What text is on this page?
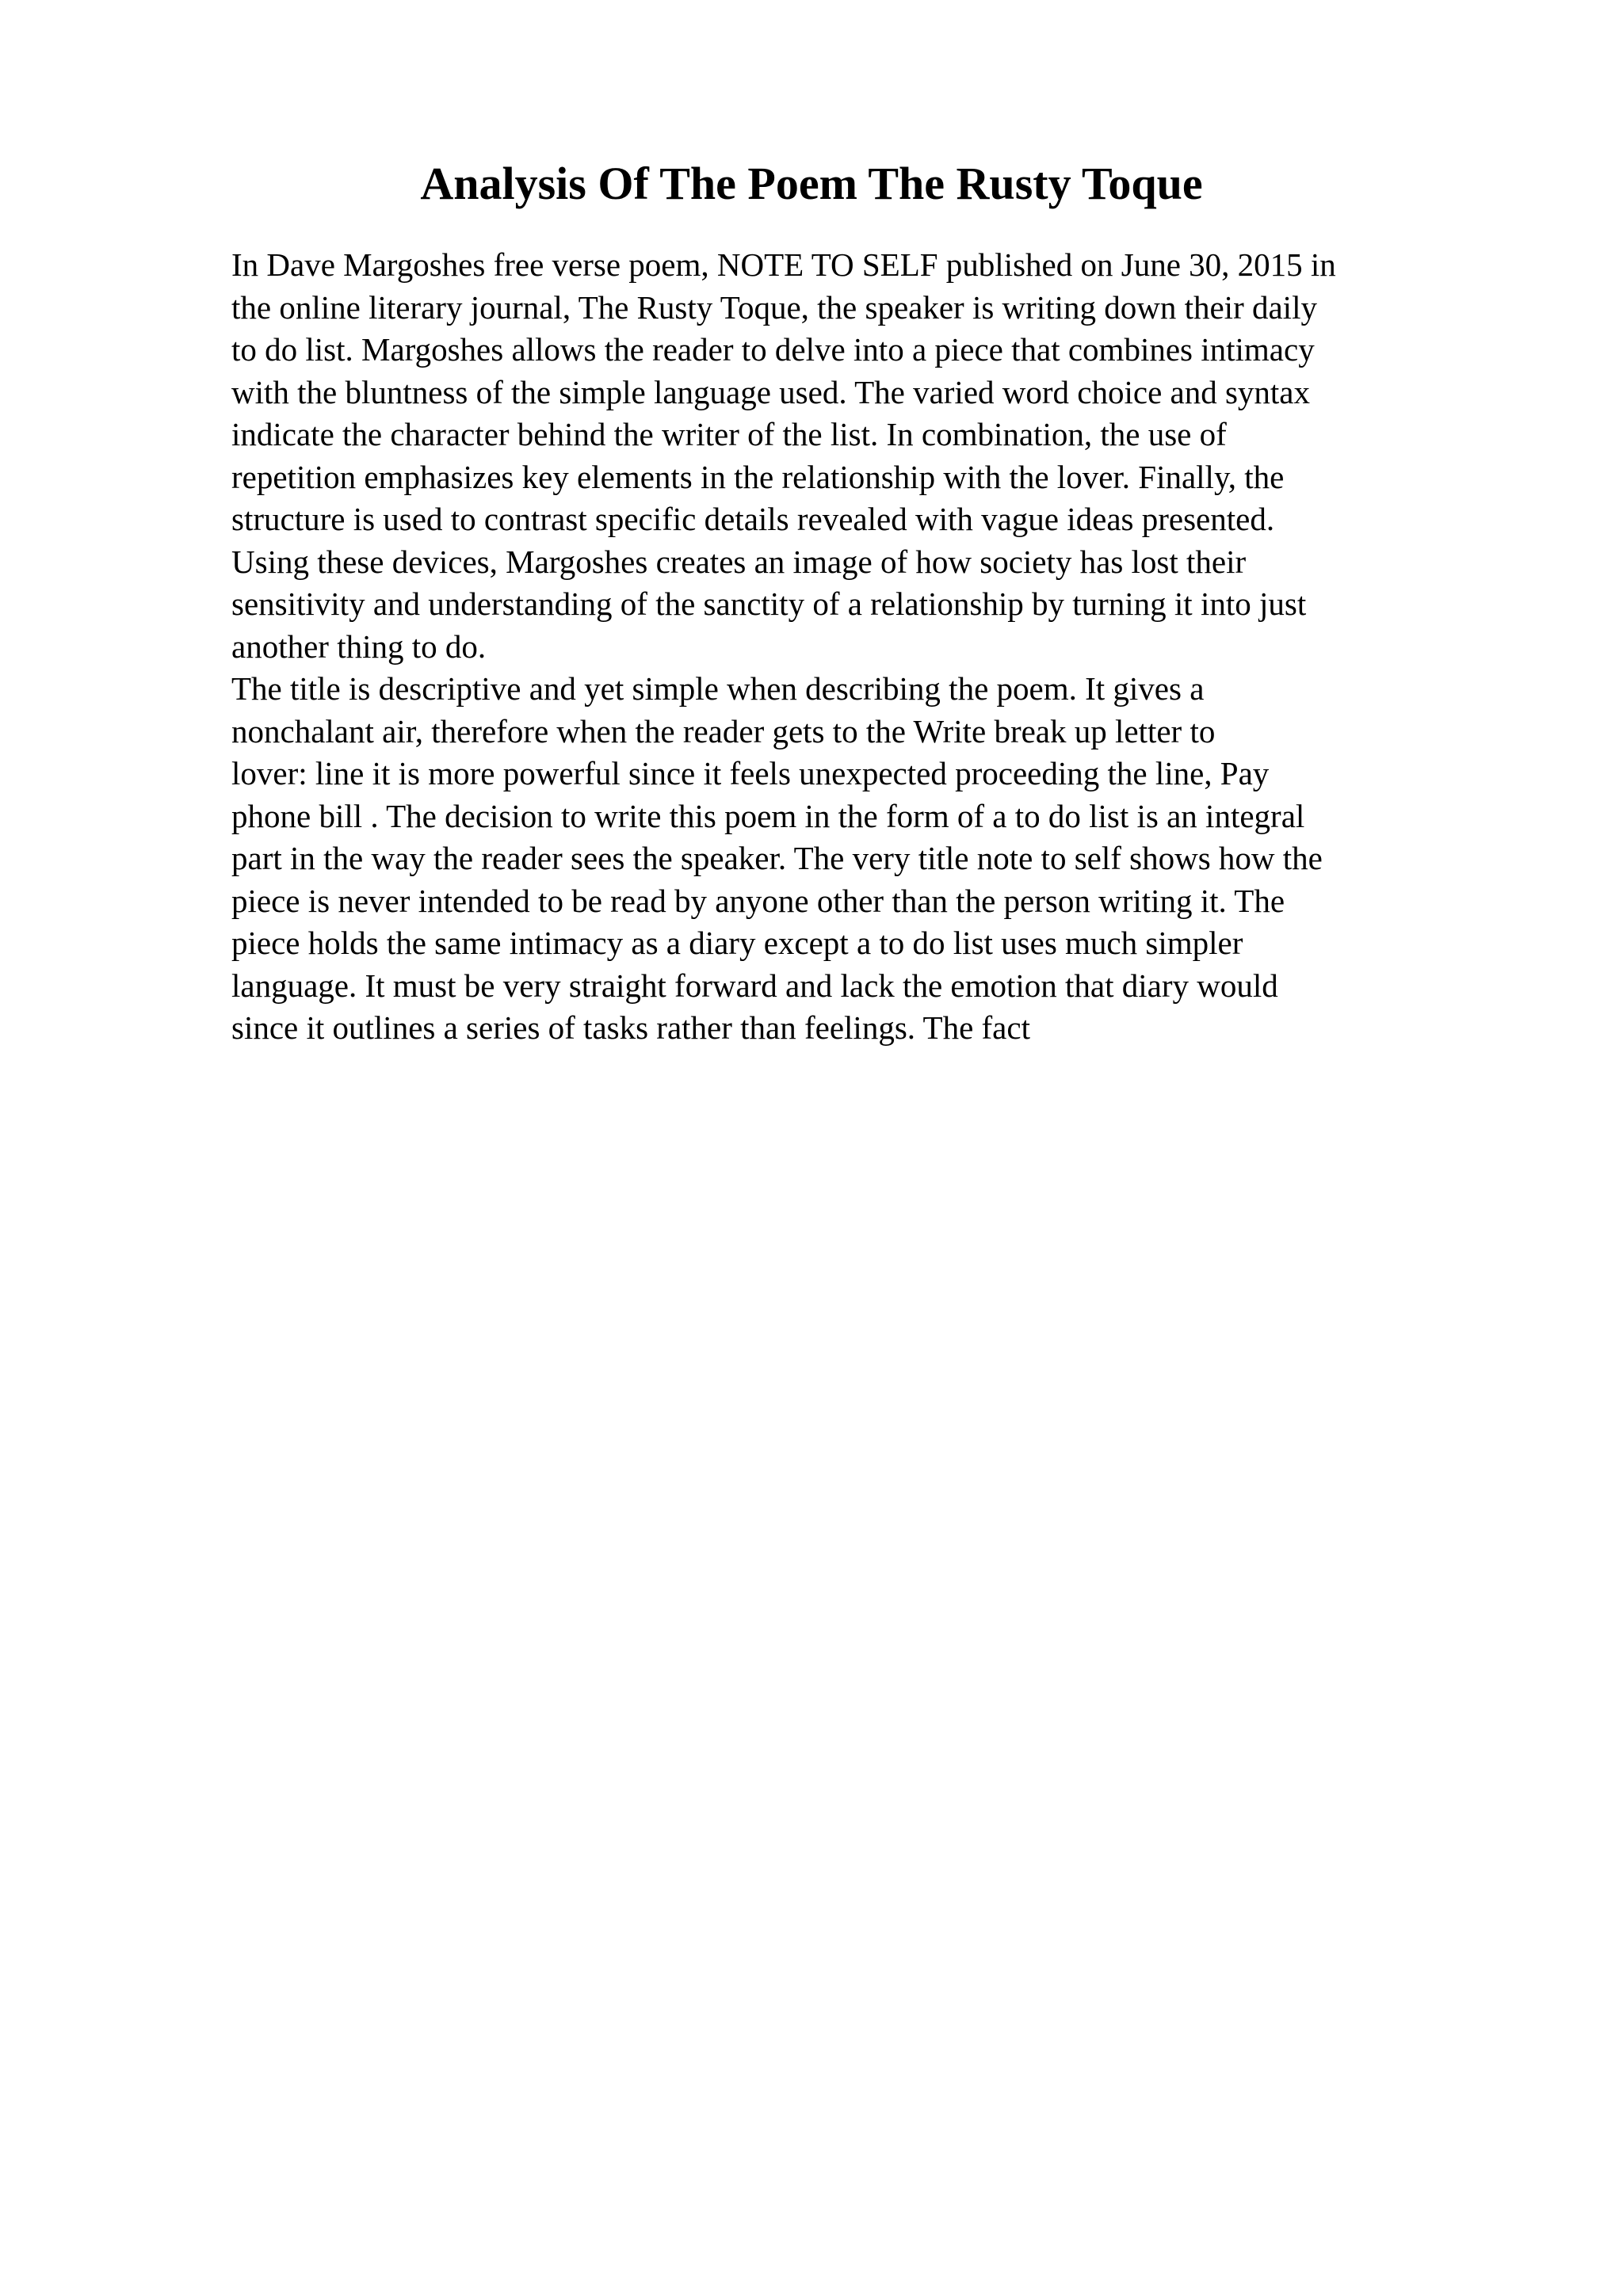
Analysis Of The Poem The Rusty Toque
In Dave Margoshes free verse poem, NOTE TO SELF published on June 30, 2015 in
the online literary journal, The Rusty Toque, the speaker is writing down their daily
to do list. Margoshes allows the reader to delve into a piece that combines intimacy
with the bluntness of the simple language used. The varied word choice and syntax
indicate the character behind the writer of the list. In combination, the use of
repetition emphasizes key elements in the relationship with the lover. Finally, the
structure is used to contrast specific details revealed with vague ideas presented.
Using these devices, Margoshes creates an image of how society has lost their
sensitivity and understanding of the sanctity of a relationship by turning it into just
another thing to do.
The title is descriptive and yet simple when describing the poem. It gives a
nonchalant air, therefore when the reader gets to the Write break up letter to
lover: line it is more powerful since it feels unexpected proceeding the line, Pay
phone bill . The decision to write this poem in the form of a to do list is an integral
part in the way the reader sees the speaker. The very title note to self shows how the
piece is never intended to be read by anyone other than the person writing it. The
piece holds the same intimacy as a diary except a to do list uses much simpler
language. It must be very straight forward and lack the emotion that diary would
since it outlines a series of tasks rather than feelings. The fact
